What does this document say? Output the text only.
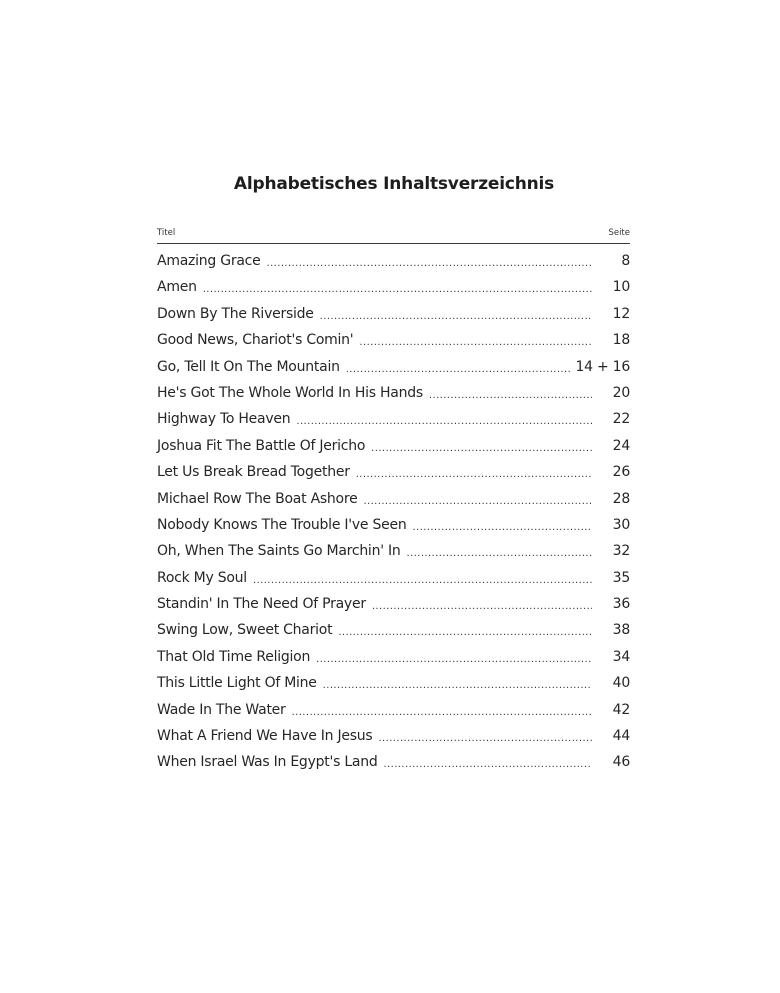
Alphabetisches Inhaltsverzeichnis
Titel	Seite
Amazing Grace .....	8
Amen .....	10
Down By The Riverside .....	12
Good News, Chariot's Comin' .....	18
Go, Tell It On The Mountain .....	14 + 16
He's Got The Whole World In His Hands .....	20
Highway To Heaven .....	22
Joshua Fit The Battle Of Jericho .....	24
Let Us Break Bread Together .....	26
Michael Row The Boat Ashore .....	28
Nobody Knows The Trouble I've Seen .....	30
Oh, When The Saints Go Marchin' In .....	32
Rock My Soul .....	35
Standin' In The Need Of Prayer .....	36
Swing Low, Sweet Chariot .....	38
That Old Time Religion .....	34
This Little Light Of Mine .....	40
Wade In The Water .....	42
What A Friend We Have In Jesus .....	44
When Israel Was In Egypt's Land .....	46
